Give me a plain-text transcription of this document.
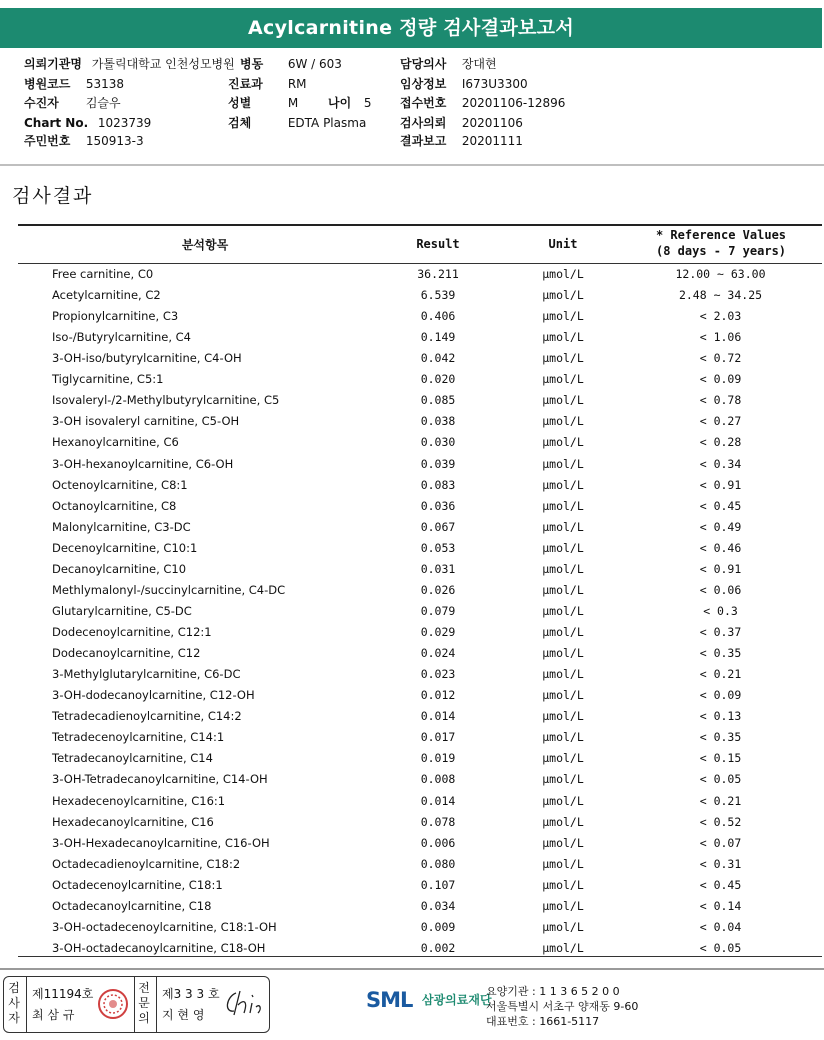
Acylcarnitine 정량 검사결과보고서
의뢰기관명 가톨릭대학교 인천성모병원
병원코드 53138
수진자 김슬우
Chart No. 1023739
주민번호 150913-3
병동 6W / 603
진료과 RM
성별	M 나이 5
검체	EDTA Plasma
담당의사 장대현
임상정보 I673U3300
접수번호 20201106-12896
검사의뢰 20201106
결과보고 20201111
검사결과
분석항목	Result	Unit
* Reference Values
(8 days - 7 years)
Free carnitine, C0	36.211	μmol/L	12.00 ~ 63.00
Acetylcarnitine, C2	6.539	μmol/L	2.48 ~ 34.25
Propionylcarnitine, C3	0.406	μmol/L	< 2.03
Iso-/Butyrylcarnitine, C4	0.149	μmol/L	< 1.06
3-OH-iso/butyrylcarnitine, C4-OH	0.042	μmol/L	< 0.72
Tiglycarnitine, C5:1	0.020	μmol/L	< 0.09
Isovaleryl-/2-Methylbutyrylcarnitine, C5	0.085	μmol/L	< 0.78
3-OH isovaleryl carnitine, C5-OH	0.038	μmol/L	< 0.27
Hexanoylcarnitine, C6	0.030	μmol/L	< 0.28
3-OH-hexanoylcarnitine, C6-OH	0.039	μmol/L	< 0.34
Octenoylcarnitine, C8:1	0.083	μmol/L	< 0.91
Octanoylcarnitine, C8	0.036	μmol/L	< 0.45
Malonylcarnitine, C3-DC	0.067	μmol/L	< 0.49
Decenoylcarnitine, C10:1	0.053	μmol/L	< 0.46
Decanoylcarnitine, C10	0.031	μmol/L	< 0.91
Methlymalonyl-/succinylcarnitine, C4-DC	0.026	μmol/L	< 0.06
Glutarylcarnitine, C5-DC	0.079	μmol/L	< 0.3
Dodecenoylcarnitine, C12:1	0.029	μmol/L	< 0.37
Dodecanoylcarnitine, C12	0.024	μmol/L	< 0.35
3-Methylglutarylcarnitine, C6-DC	0.023	μmol/L	< 0.21
3-OH-dodecanoylcarnitine, C12-OH	0.012	μmol/L	< 0.09
Tetradecadienoylcarnitine, C14:2	0.014	μmol/L	< 0.13
Tetradecenoylcarnitine, C14:1	0.017	μmol/L	< 0.35
Tetradecanoylcarnitine, C14	0.019	μmol/L	< 0.15
3-OH-Tetradecanoylcarnitine, C14-OH	0.008	μmol/L	< 0.05
Hexadecenoylcarnitine, C16:1	0.014	μmol/L	< 0.21
Hexadecanoylcarnitine, C16	0.078	μmol/L	< 0.52
3-OH-Hexadecanoylcarnitine, C16-OH	0.006	μmol/L	< 0.07
Octadecadienoylcarnitine, C18:2	0.080	μmol/L	< 0.31
Octadecenoylcarnitine, C18:1	0.107	μmol/L	< 0.45
Octadecanoylcarnitine, C18	0.034	μmol/L	< 0.14
3-OH-octadecenoylcarnitine, C18:1-OH	0.009	μmol/L	< 0.04
3-OH-octadecanoylcarnitine, C18-OH	0.002	μmol/L	< 0.05
검
사
자
제11194호
최 삼 규
전
문
의
제3 3 3 호
지 현 영
SML 삼광의료재단
요양기관 : 1 1 3 6 5 2 0 0
서울특별시 서초구 양재동 9-60
대표번호 : 1661-5117
